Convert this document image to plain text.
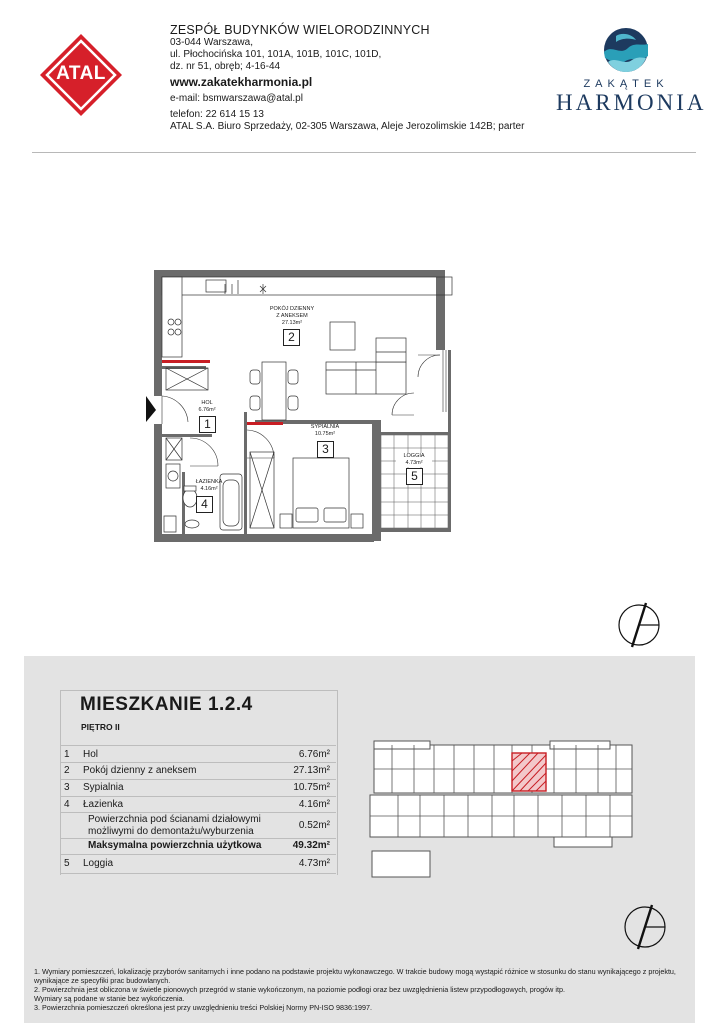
ATAL
ZESPÓŁ BUDYNKÓW WIELORODZINNYCH
03-044 Warszawa,
ul. Płochocińska 101, 101A, 101B, 101C, 101D,
dz. nr 51, obręb; 4-16-44
www.zakatekharmonia.pl
e-mail: bsmwarszawa@atal.pl
telefon: 22 614 15 13
ATAL S.A. Biuro Sprzedaży, 02-305 Warszawa, Aleje Jerozolimskie 142B; parter
ZAKĄTEK
HARMONIA
POKÓJ DZIENNY
Z ANEKSEM
27.13m²
2
HOL
6.76m²
1	SYPIALNIA
10.75m²
3	LOGGIA
4.73m²
5
ŁAZIENKA
4.16m²
4
MIESZKANIE 1.2.4
PIĘTRO II
1 Hol	6.76m²
2 Pokój dzienny z aneksem	27.13m²
3 Sypialnia	10.75m²
4 Łazienka	4.16m²
Powierzchnia pod ścianami działowymi
możliwymi do demontażu/wyburzenia
0.52m²
Maksymalna powierzchnia użytkowa	49.32m²
5 Loggia	4.73m²
1. Wymiary pomieszczeń, lokalizację przyborów sanitarnych i inne podano na podstawie projektu wykonawczego. W trakcie budowy mogą wystąpić różnice w stosunku do stanu wynikającego z projektu,
wynikające ze specyfiki prac budowlanych.
2. Powierzchnia jest obliczona w świetle pionowych przegród w stanie wykończonym, na poziomie podłogi oraz bez uwzględnienia listew przypodłogowych, progów itp.
Wymiary są podane w stanie bez wykończenia.
3. Powierzchnia pomieszczeń określona jest przy uwzględnieniu treści Polskiej Normy PN-ISO 9836:1997.
